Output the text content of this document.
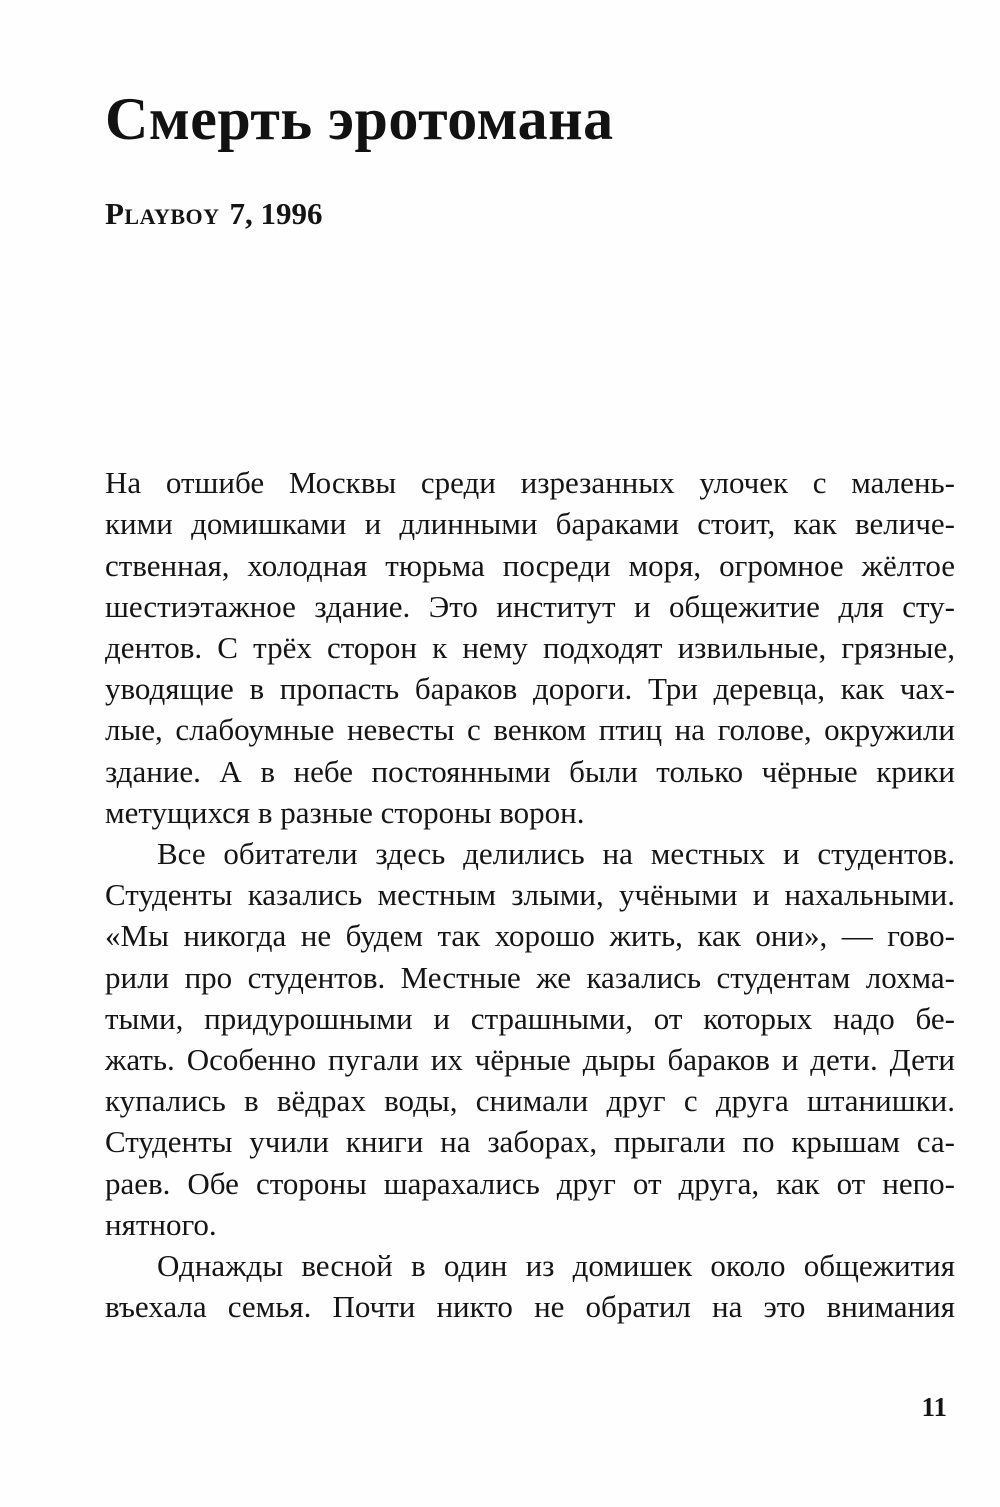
Смерть эротомана
Playboy 7, 1996
На отшибе Москвы среди изрезанных улочек с малень-
кими домишками и длинными бараками стоит, как величе-
ственная, холодная тюрьма посреди моря, огромное жёлтое
шестиэтажное здание. Это институт и общежитие для сту-
дентов. С трёх сторон к нему подходят извильные, грязные,
уводящие в пропасть бараков дороги. Три деревца, как чах-
лые, слабоумные невесты с венком птиц на голове, окружили
здание. А в небе постоянными были только чёрные крики
метущихся в разные стороны ворон.
Все обитатели здесь делились на местных и студентов.
Студенты казались местным злыми, учёными и нахальными.
«Мы никогда не будем так хорошо жить, как они», — гово-
рили про студентов. Местные же казались студентам лохма-
тыми, придурошными и страшными, от которых надо бе-
жать. Особенно пугали их чёрные дыры бараков и дети. Дети
купались в вёдрах воды, снимали друг с друга штанишки.
Студенты учили книги на заборах, прыгали по крышам са-
раев. Обе стороны шарахались друг от друга, как от непо-
нятного.
Однажды весной в один из домишек около общежития
въехала семья. Почти никто не обратил на это внимания
11
